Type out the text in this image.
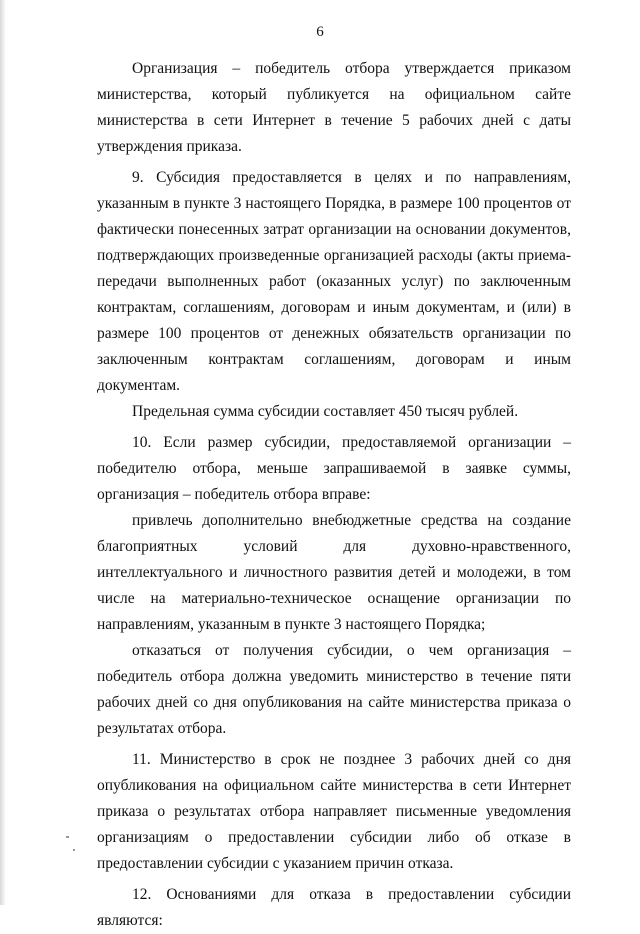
6

Организация – победитель отбора утверждается приказом министерства, который публикуется на официальном сайте министерства в сети Интернет в течение 5 рабочих дней с даты утверждения приказа.

9. Субсидия предоставляется в целях и по направлениям, указанным в пункте 3 настоящего Порядка, в размере 100 процентов от фактически понесенных затрат организации на основании документов, подтверждающих произведенные организацией расходы (акты приема-передачи выполненных работ (оказанных услуг) по заключенным контрактам, соглашениям, договорам и иным документам, и (или) в размере 100 процентов от денежных обязательств организации по заключенным контрактам соглашениям, договорам и иным документам.

Предельная сумма субсидии составляет 450 тысяч рублей.

10. Если размер субсидии, предоставляемой организации – победителю отбора, меньше запрашиваемой в заявке суммы, организация – победитель отбора вправе:

привлечь дополнительно внебюджетные средства на создание благоприятных условий для духовно-нравственного, интеллектуального и личностного развития детей и молодежи, в том числе на материально-техническое оснащение организации по направлениям, указанным в пункте 3 настоящего Порядка;

отказаться от получения субсидии, о чем организация – победитель отбора должна уведомить министерство в течение пяти рабочих дней со дня опубликования на сайте министерства приказа о результатах отбора.

11. Министерство в срок не позднее 3 рабочих дней со дня опубликования на официальном сайте министерства в сети Интернет приказа о результатах отбора направляет письменные уведомления организациям о предоставлении субсидии либо об отказе в предоставлении субсидии с указанием причин отказа.

12. Основаниями для отказа в предоставлении субсидии являются:
